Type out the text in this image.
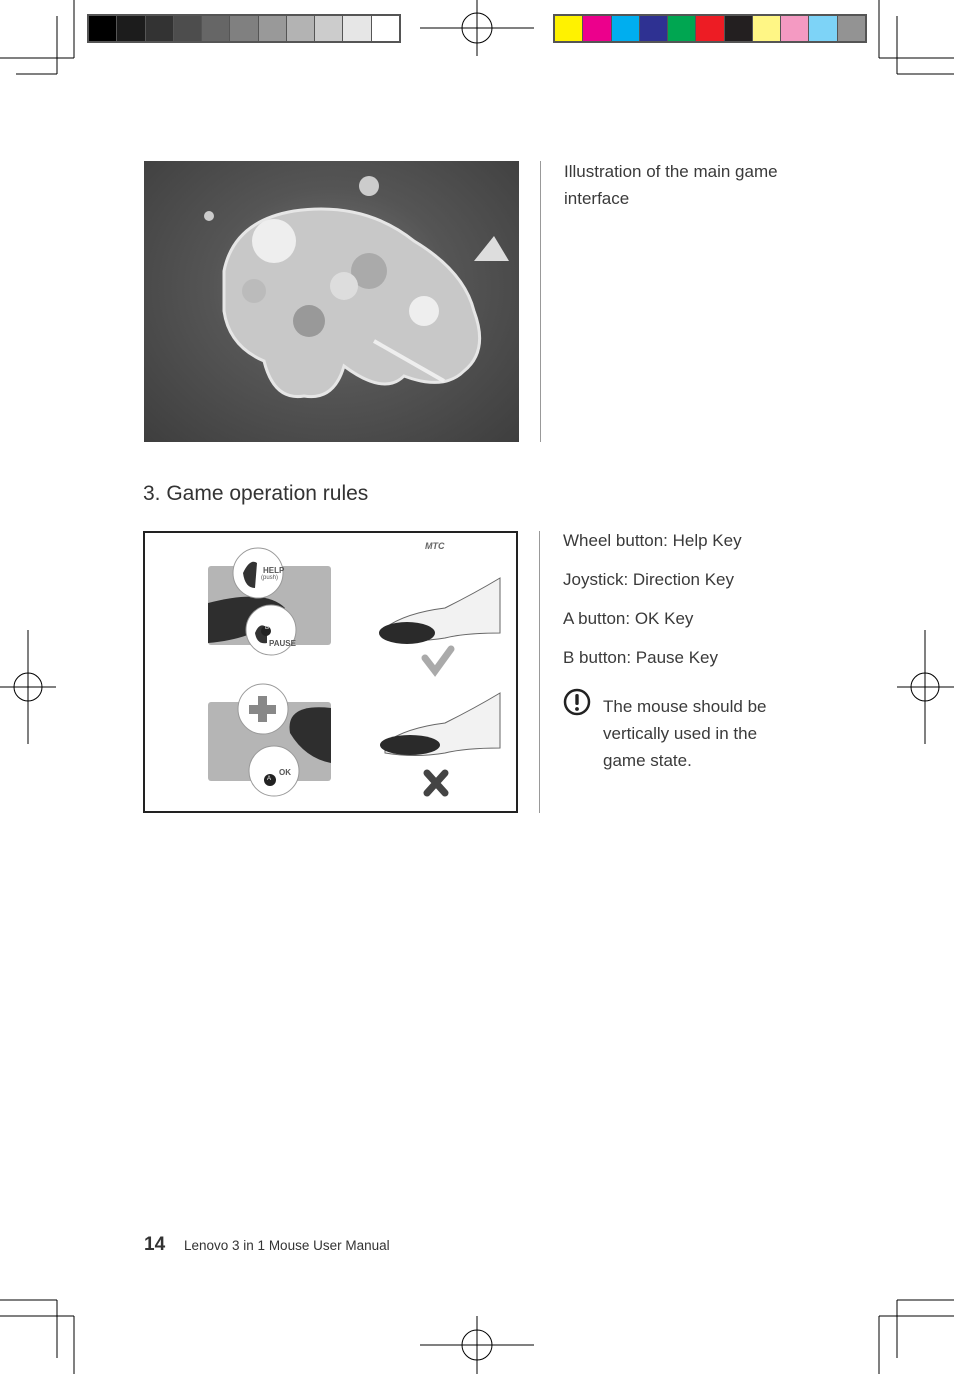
Illustration of the main game interface
3. Game operation rules
HELP
(push)
B
PAUSE
OK
A
MTC	Wheel button: Help Key
Joystick: Direction Key
A button: OK Key
B button: Pause Key
The mouse should be vertically used in the game state.
14 Lenovo 3 in 1 Mouse User Manual
